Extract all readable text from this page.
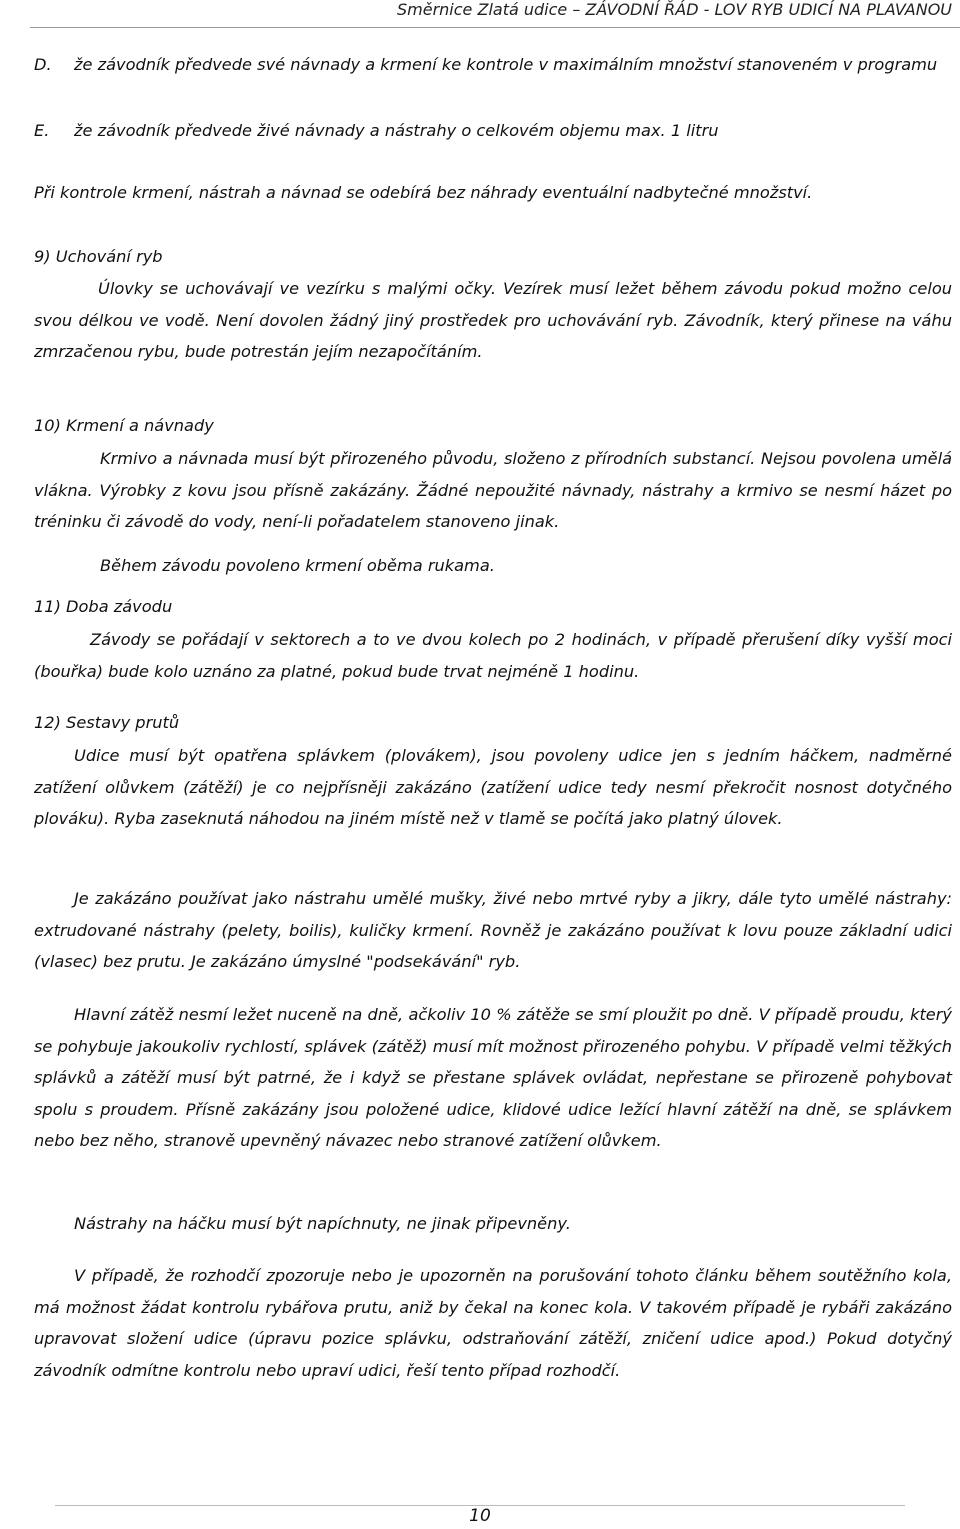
Směrnice Zlatá udice – ZÁVODNÍ ŘÁD - LOV RYB UDICÍ NA PLAVANOU
D.	že závodník předvede své návnady a krmení ke kontrole v maximálním množství stanoveném v programu
E.	že závodník předvede živé návnady a nástrahy o celkovém objemu max. 1 litru
Při kontrole krmení, nástrah a návnad se odebírá bez náhrady eventuální nadbytečné množství.
9) Uchování ryb
Úlovky se uchovávají ve vezírku s malými očky. Vezírek musí ležet během závodu pokud možno celou svou délkou ve vodě. Není dovolen žádný jiný prostředek pro uchovávání ryb. Závodník, který přinese na váhu zmrzačenou rybu, bude potrestán jejím nezapočítáním.
10) Krmení a návnady
Krmivo a návnada musí být přirozeného původu, složeno z přírodních substancí. Nejsou povolena umělá vlákna. Výrobky z kovu jsou přísně zakázány. Žádné nepoužité návnady, nástrahy a krmivo se nesmí házet po tréninku či závodě do vody, není-li pořadatelem stanoveno jinak.
Během závodu povoleno krmení oběma rukama.
11) Doba závodu
Závody se pořádají v sektorech a to ve dvou kolech po 2 hodinách, v případě přerušení díky vyšší moci (bouřka) bude kolo uznáno za platné, pokud bude trvat nejméně 1 hodinu.
12) Sestavy prutů
Udice musí být opatřena splávkem (plovákem), jsou povoleny udice jen s jedním háčkem, nadměrné zatížení olůvkem (zátěží) je co nejpřísněji zakázáno (zatížení udice tedy nesmí překročit nosnost dotyčného plováku). Ryba zaseknutá náhodou na jiném místě než v tlamě se počítá jako platný úlovek.
Je zakázáno používat jako nástrahu umělé mušky, živé nebo mrtvé ryby a jikry, dále tyto umělé nástrahy: extrudované nástrahy (pelety, boilis), kuličky krmení. Rovněž je zakázáno používat k lovu pouze základní udici (vlasec) bez prutu. Je zakázáno úmyslné "podsekávání" ryb.
Hlavní zátěž nesmí ležet nuceně na dně, ačkoliv 10 % zátěže se smí ploužit po dně. V případě proudu, který se pohybuje jakoukoliv rychlostí, splávek (zátěž) musí mít možnost přirozeného pohybu. V případě velmi těžkých splávků a zátěží musí být patrné, že i když se přestane splávek ovládat, nepřestane se přirozeně pohybovat spolu s proudem. Přísně zakázány jsou položené udice, klidové udice ležící hlavní zátěží na dně, se splávkem nebo bez něho, stranově upevněný návazec nebo stranové zatížení olůvkem.
Nástrahy na háčku musí být napíchnuty, ne jinak připevněny.
V případě, že rozhodčí zpozoruje nebo je upozorněn na porušování tohoto článku během soutěžního kola, má možnost žádat kontrolu rybářova prutu, aniž by čekal na konec kola. V takovém případě je rybáři zakázáno upravovat složení udice (úpravu pozice splávku, odstraňování zátěží, zničení udice apod.) Pokud dotyčný závodník odmítne kontrolu nebo upraví udici, řeší tento případ rozhodčí.
10
